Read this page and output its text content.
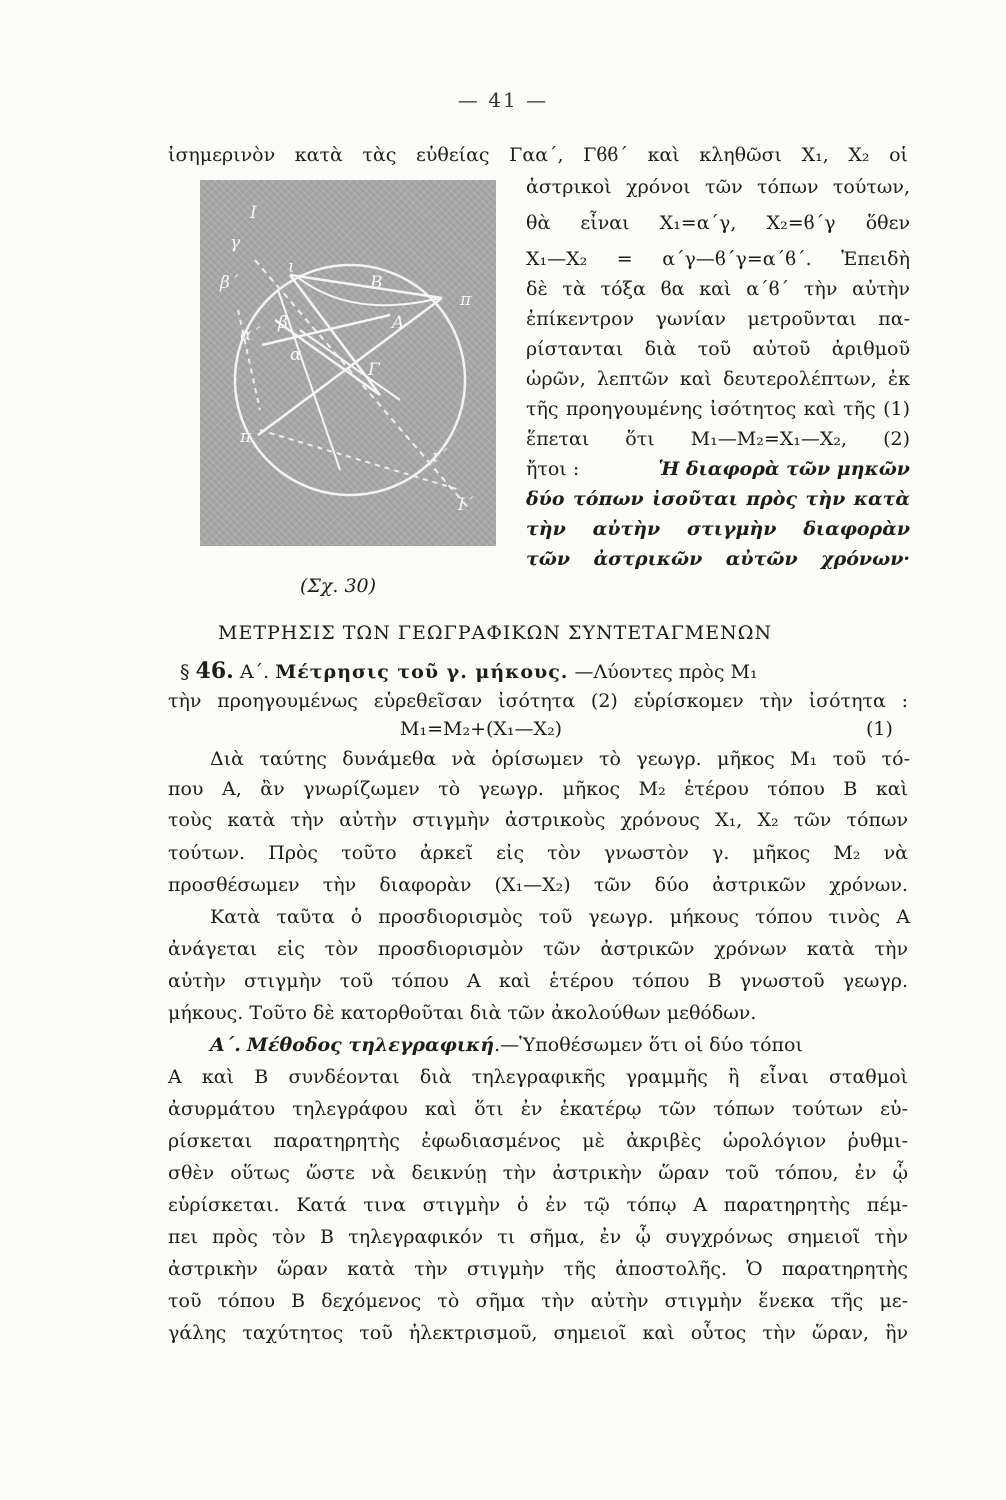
— 41 —
ἰσημερινὸν κατὰ τὰς εὐθείας Γαα΄, Γϐϐ΄ καὶ κληθῶσι X₁, X₂ οἱ
I
γ
β΄
α΄
ι
B
β	A
α
Γ
π
π
ι΄
I΄
(Σχ. 30)
ἀστρικοὶ χρόνοι τῶν τόπων τούτων,
θὰ εἶναι X₁=α΄γ, X₂=ϐ΄γ ὅθεν
X₁—X₂ = α΄γ—ϐ΄γ=α΄ϐ΄. Ἐπειδὴ
δὲ τὰ τόξα ϐα καὶ α΄ϐ΄ τὴν αὐτὴν
ἐπίκεντρον γωνίαν μετροῦνται πα-
ρίστανται διὰ τοῦ αὐτοῦ ἀριθμοῦ
ὡρῶν, λεπτῶν καὶ δευτερολέπτων, ἐκ
τῆς προηγουμένης ἰσότητος καὶ τῆς (1)
ἕπεται ὅτι M₁—M₂=X₁—X₂, (2)
ἤτοι :	Ἡ διαφορὰ τῶν μηκῶν
δύο τόπων ἰσοῦται πρὸς τὴν κατὰ
τὴν αὐτὴν στιγμὴν διαφορὰν
τῶν ἀστρικῶν αὐτῶν χρόνων·
ΜΕΤΡΗΣΙΣ ΤΩΝ ΓΕΩΓΡΑΦΙΚΩΝ ΣΥΝΤΕΤΑΓΜΕΝΩΝ
§ 46. Α΄. Μέτρησις τοῦ γ. μήκους. —Λύοντες πρὸς M₁
τὴν προηγουμένως εὑρεθεῖσαν ἰσότητα (2) εὑρίσκομεν τὴν ἰσότητα :
M₁=M₂+(X₁—X₂)	(1)
Διὰ ταύτης δυνάμεθα νὰ ὁρίσωμεν τὸ γεωγρ. μῆκος M₁ τοῦ τό-
που A, ἂν γνωρίζωμεν τὸ γεωγρ. μῆκος M₂ ἑτέρου τόπου B καὶ
τοὺς κατὰ τὴν αὐτὴν στιγμὴν ἀστρικοὺς χρόνους X₁, X₂ τῶν τόπων
τούτων. Πρὸς τοῦτο ἀρκεῖ εἰς τὸν γνωστὸν γ. μῆκος M₂ νὰ
προσθέσωμεν τὴν διαφορὰν (X₁—X₂) τῶν δύο ἀστρικῶν χρόνων.
Κατὰ ταῦτα ὁ προσδιορισμὸς τοῦ γεωγρ. μήκους τόπου τινὸς A
ἀνάγεται εἰς τὸν προσδιορισμὸν τῶν ἀστρικῶν χρόνων κατὰ τὴν
αὐτὴν στιγμὴν τοῦ τόπου A καὶ ἑτέρου τόπου B γνωστοῦ γεωγρ.
μήκους. Τοῦτο δὲ κατορθοῦται διὰ τῶν ἀκολούθων μεθόδων.
Α΄. Μέθοδος τηλεγραφική.—Ὑποθέσωμεν ὅτι οἱ δύο τόποι
A καὶ B συνδέονται διὰ τηλεγραφικῆς γραμμῆς ἢ εἶναι σταθμοὶ
ἀσυρμάτου τηλεγράφου καὶ ὅτι ἐν ἑκατέρῳ τῶν τόπων τούτων εὑ-
ρίσκεται παρατηρητὴς ἐφωδιασμένος μὲ ἀκριβὲς ὡρολόγιον ῥυθμι-
σθὲν οὕτως ὥστε νὰ δεικνύῃ τὴν ἀστρικὴν ὥραν τοῦ τόπου, ἐν ᾧ
εὑρίσκεται. Κατά τινα στιγμὴν ὁ ἐν τῷ τόπῳ A παρατηρητὴς πέμ-
πει πρὸς τὸν B τηλεγραφικόν τι σῆμα, ἐν ᾧ συγχρόνως σημειοῖ τὴν
ἀστρικὴν ὥραν κατὰ τὴν στιγμὴν τῆς ἀποστολῆς. Ὁ παρατηρητὴς
τοῦ τόπου B δεχόμενος τὸ σῆμα τὴν αὐτὴν στιγμὴν ἕνεκα τῆς με-
γάλης ταχύτητος τοῦ ἠλεκτρισμοῦ, σημειοῖ καὶ οὗτος τὴν ὥραν, ἣν
